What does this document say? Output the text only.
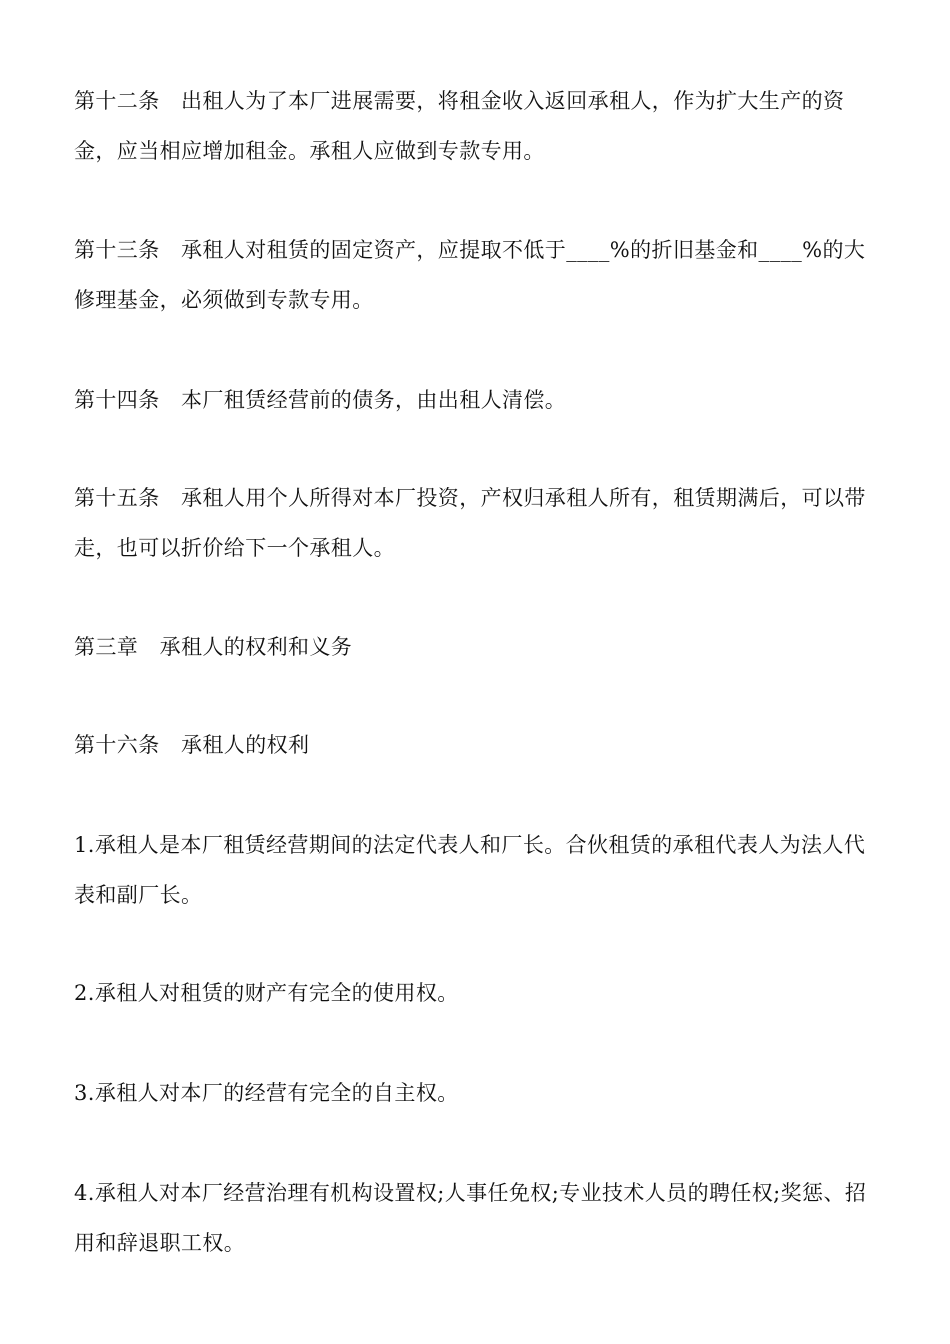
第十二条　出租人为了本厂进展需要，将租金收入返回承租人，作为扩大生产的资金，应当相应增加租金。承租人应做到专款专用。

第十三条　承租人对租赁的固定资产，应提取不低于____%的折旧基金和____%的大修理基金，必须做到专款专用。

第十四条　本厂租赁经营前的债务，由出租人清偿。

第十五条　承租人用个人所得对本厂投资，产权归承租人所有，租赁期满后，可以带走，也可以折价给下一个承租人。

第三章　承租人的权利和义务

第十六条　承租人的权利

1.承租人是本厂租赁经营期间的法定代表人和厂长。合伙租赁的承租代表人为法人代表和副厂长。

2.承租人对租赁的财产有完全的使用权。

3.承租人对本厂的经营有完全的自主权。

4.承租人对本厂经营治理有机构设置权;人事任免权;专业技术人员的聘任权;奖惩、招用和辞退职工权。
